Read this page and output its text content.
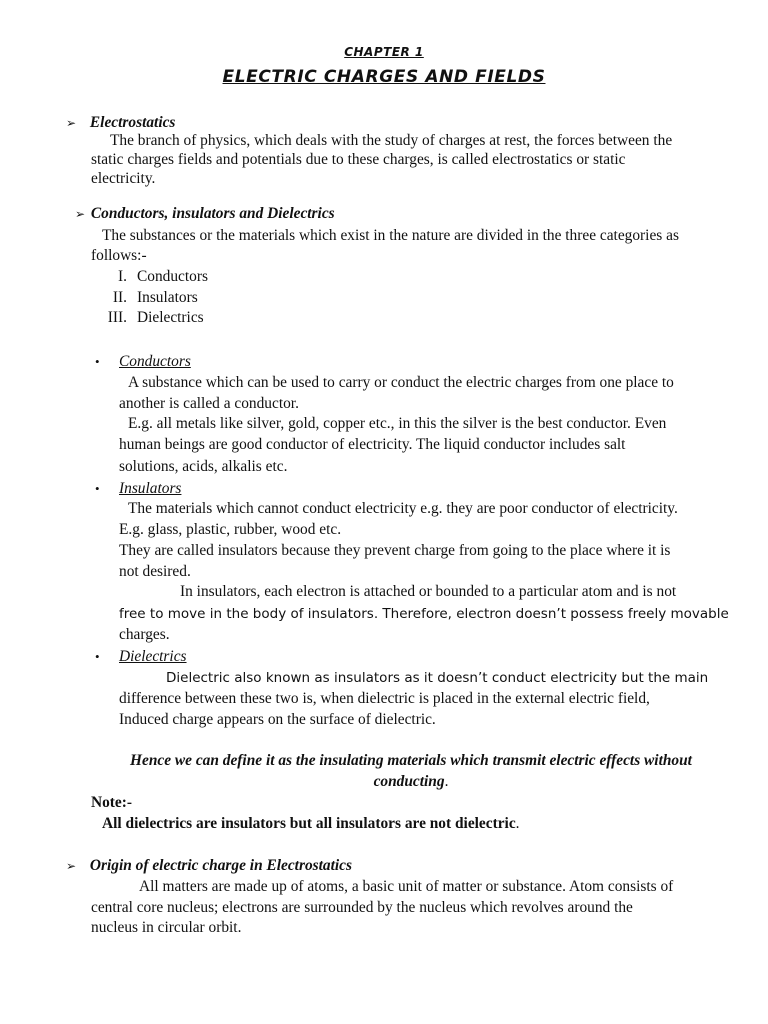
CHAPTER 1
ELECTRIC CHARGES AND FIELDS
➢ Electrostatics
The branch of physics, which deals with the study of charges at rest, the forces between the
static charges fields and potentials due to these charges, is called electrostatics or static
electricity.
➢ Conductors, insulators and Dielectrics
The substances or the materials which exist in the nature are divided in the three categories as
follows:-
I. Conductors
II. Insulators
III. Dielectrics
• Conductors
A substance which can be used to carry or conduct the electric charges from one place to
another is called a conductor.
E.g. all metals like silver, gold, copper etc., in this the silver is the best conductor. Even
human beings are good conductor of electricity. The liquid conductor includes salt
solutions, acids, alkalis etc.
• Insulators
The materials which cannot conduct electricity e.g. they are poor conductor of electricity.
E.g. glass, plastic, rubber, wood etc.
They are called insulators because they prevent charge from going to the place where it is
not desired.
In insulators, each electron is attached or bounded to a particular atom and is not
free to move in the body of insulators. Therefore, electron doesn’t possess freely movable
charges.
• Dielectrics
Dielectric also known as insulators as it doesn’t conduct electricity but the main
difference between these two is, when dielectric is placed in the external electric field,
Induced charge appears on the surface of dielectric.
Hence we can define it as the insulating materials which transmit electric effects without
conducting.
Note:-
All dielectrics are insulators but all insulators are not dielectric.
➢ Origin of electric charge in Electrostatics
All matters are made up of atoms, a basic unit of matter or substance. Atom consists of
central core nucleus; electrons are surrounded by the nucleus which revolves around the
nucleus in circular orbit.
